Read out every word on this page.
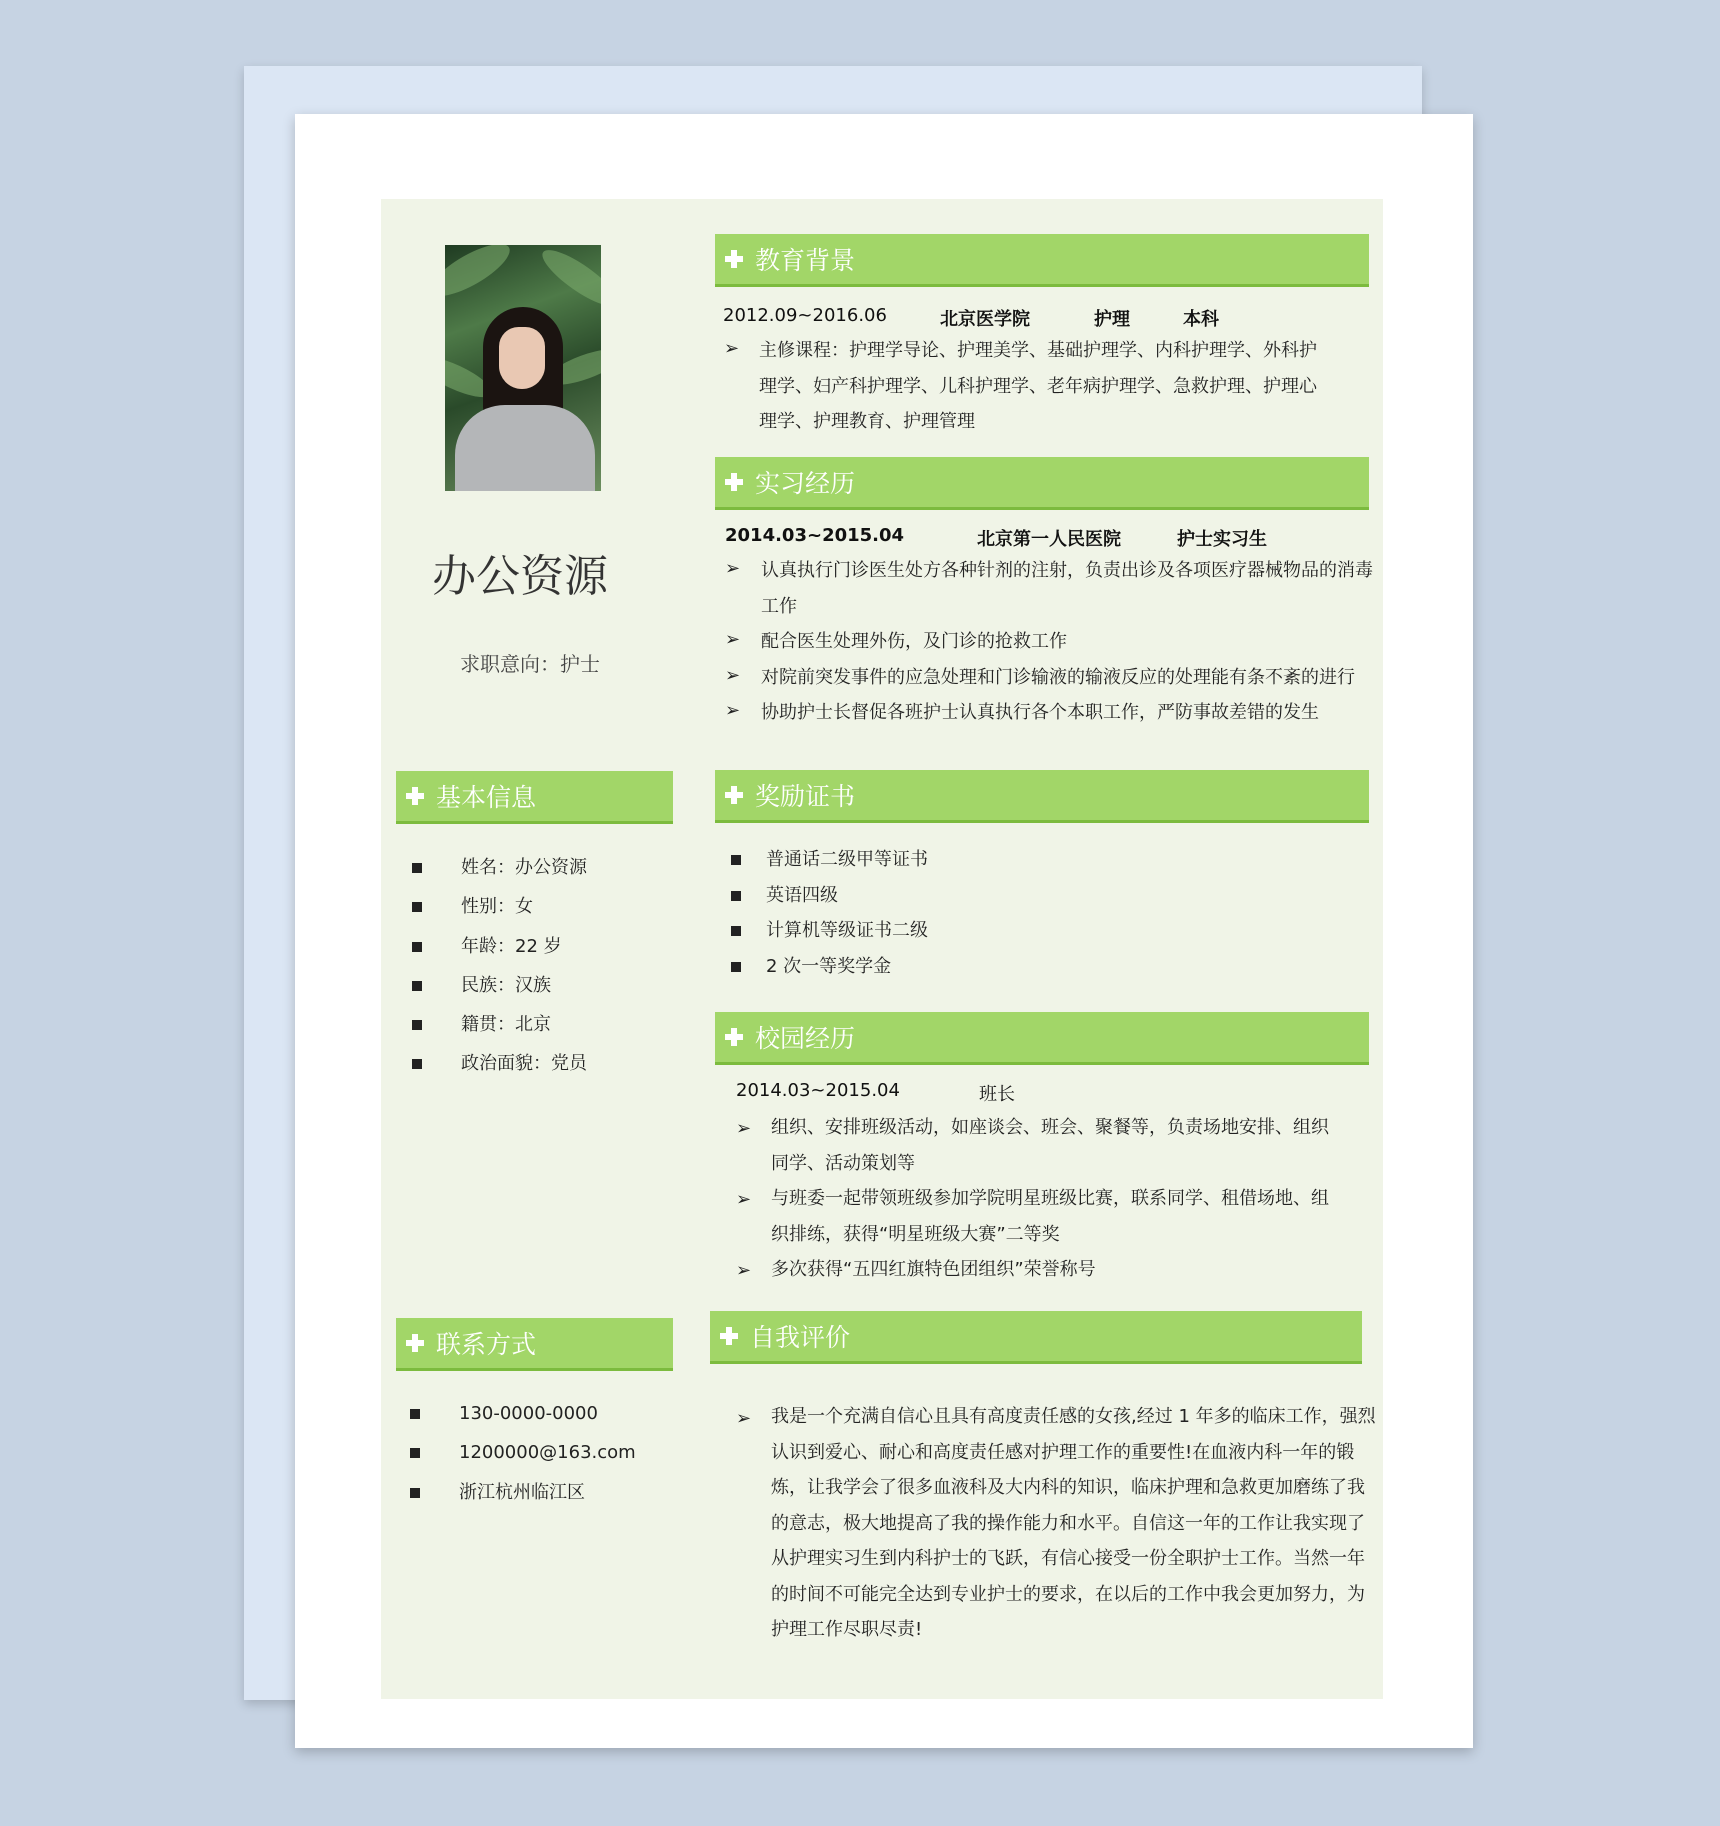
办公资源
求职意向：护士
教育背景
2012.09~2016.06	北京医学院	护理	本科
➢ 主修课程：护理学导论、护理美学、基础护理学、内科护理学、外科护
理学、妇产科护理学、儿科护理学、老年病护理学、急救护理、护理心
理学、护理教育、护理管理
实习经历
2014.03~2015.04	北京第一人民医院	护士实习生
➢ 认真执行门诊医生处方各种针剂的注射，负责出诊及各项医疗器械物品的消毒
工作
➢ 配合医生处理外伤，及门诊的抢救工作
➢ 对院前突发事件的应急处理和门诊输液的输液反应的处理能有条不紊的进行
➢ 协助护士长督促各班护士认真执行各个本职工作，严防事故差错的发生
基本信息
姓名：办公资源
性别：女
年龄：22 岁
民族：汉族
籍贯：北京
政治面貌：党员
奖励证书
普通话二级甲等证书
英语四级
计算机等级证书二级
2 次一等奖学金
校园经历
2014.03~2015.04	班长
➢ 组织、安排班级活动，如座谈会、班会、聚餐等，负责场地安排、组织
同学、活动策划等
➢ 与班委一起带领班级参加学院明星班级比赛，联系同学、租借场地、组
织排练，获得“明星班级大赛”二等奖
➢ 多次获得“五四红旗特色团组织”荣誉称号
联系方式
130-0000-0000
1200000@163.com
浙江杭州临江区
自我评价
➢ 我是一个充满自信心且具有高度责任感的女孩,经过 1 年多的临床工作，强烈
认识到爱心、耐心和高度责任感对护理工作的重要性!在血液内科一年的锻
炼，让我学会了很多血液科及大内科的知识，临床护理和急救更加磨练了我
的意志，极大地提高了我的操作能力和水平。自信这一年的工作让我实现了
从护理实习生到内科护士的飞跃，有信心接受一份全职护士工作。当然一年
的时间不可能完全达到专业护士的要求，在以后的工作中我会更加努力，为
护理工作尽职尽责!
